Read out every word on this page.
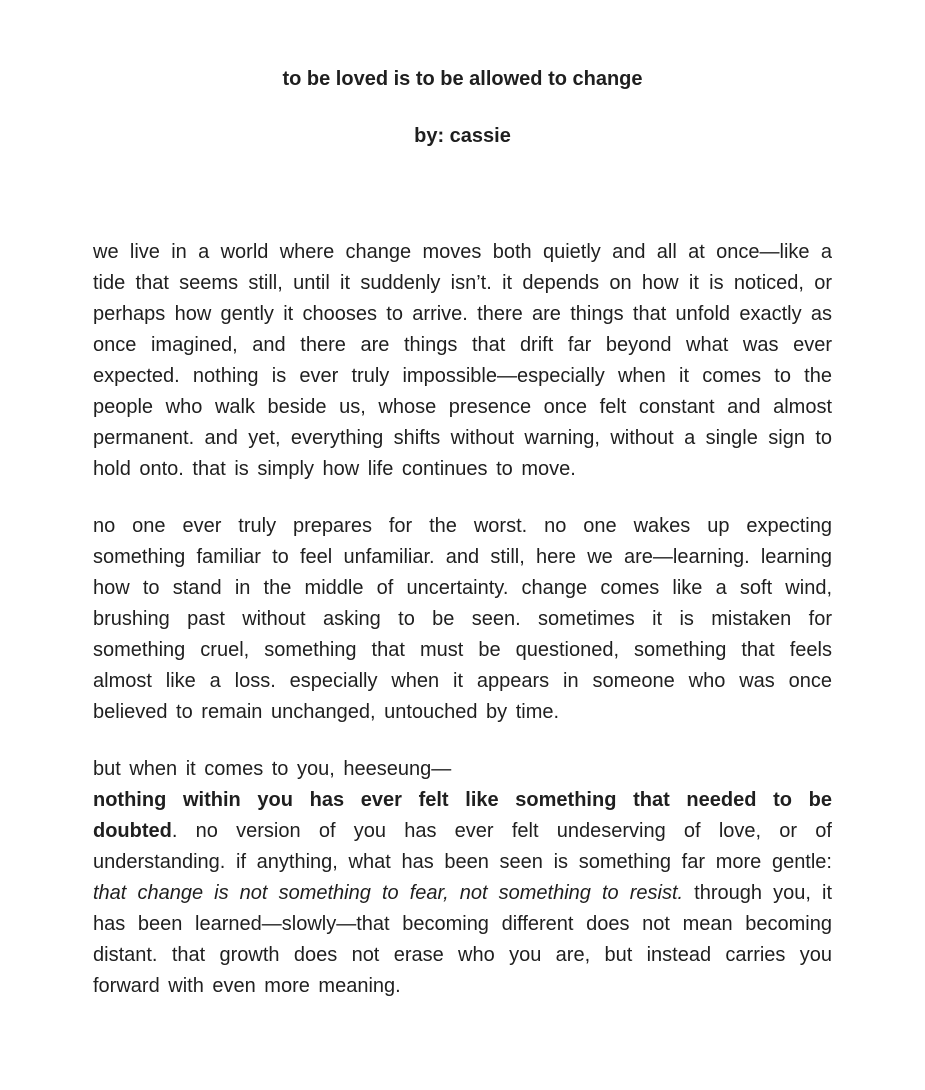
to be loved is to be allowed to change
by: cassie

we live in a world where change moves both quietly and all at once—like a tide that seems still, until it suddenly isn’t. it depends on how it is noticed, or perhaps how gently it chooses to arrive. there are things that unfold exactly as once imagined, and there are things that drift far beyond what was ever expected. nothing is ever truly impossible—especially when it comes to the people who walk beside us, whose presence once felt constant and almost permanent. and yet, everything shifts without warning, without a single sign to hold onto. that is simply how life continues to move.

no one ever truly prepares for the worst. no one wakes up expecting something familiar to feel unfamiliar. and still, here we are—learning. learning how to stand in the middle of uncertainty. change comes like a soft wind, brushing past without asking to be seen. sometimes it is mistaken for something cruel, something that must be questioned, something that feels almost like a loss. especially when it appears in someone who was once believed to remain unchanged, untouched by time.

but when it comes to you, heeseung—
nothing within you has ever felt like something that needed to be doubted. no version of you has ever felt undeserving of love, or of understanding. if anything, what has been seen is something far more gentle: that change is not something to fear, not something to resist. through you, it has been learned—slowly—that becoming different does not mean becoming distant. that growth does not erase who you are, but instead carries you forward with even more meaning.
